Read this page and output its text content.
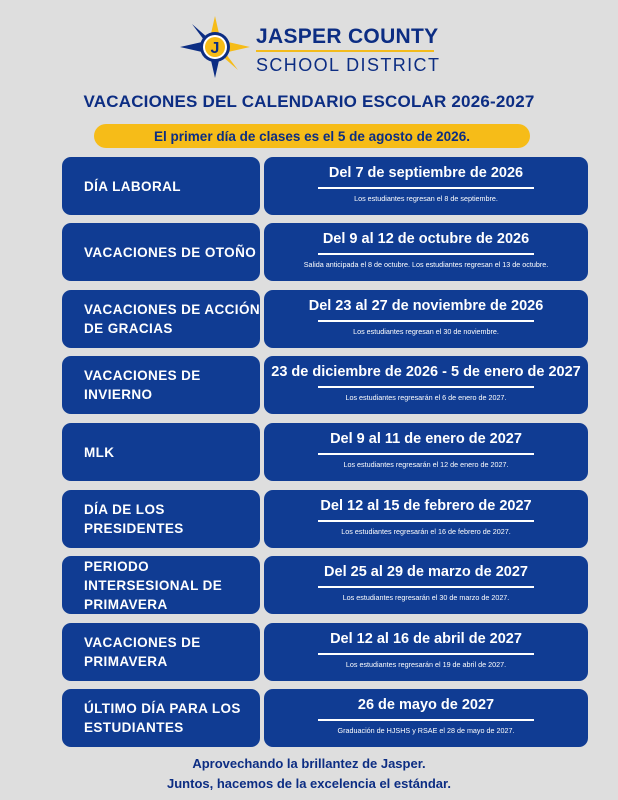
J
JASPER COUNTY
SCHOOL DISTRICT
VACACIONES DEL CALENDARIO ESCOLAR 2026-2027
El primer día de clases es el 5 de agosto de 2026.
DÍA LABORAL
Del 7 de septiembre de 2026
Los estudiantes regresan el 8 de septiembre.
VACACIONES DE OTOÑO
Del 9 al 12 de octubre de 2026
Salida anticipada el 8 de octubre. Los estudiantes regresan el 13 de octubre.
VACACIONES DE ACCIÓN DE GRACIAS
Del 23 al 27 de noviembre de 2026
Los estudiantes regresan el 30 de noviembre.
VACACIONES DE INVIERNO
23 de diciembre de 2026 - 5 de enero de 2027
Los estudiantes regresarán el 6 de enero de 2027.
MLK
Del 9 al 11 de enero de 2027
Los estudiantes regresarán el 12 de enero de 2027.
DÍA DE LOS PRESIDENTES
Del 12 al 15 de febrero de 2027
Los estudiantes regresarán el 16 de febrero de 2027.
PERIODO INTERSESIONAL DE PRIMAVERA
Del 25 al 29 de marzo de 2027
Los estudiantes regresarán el 30 de marzo de 2027.
VACACIONES DE PRIMAVERA
Del 12 al 16 de abril de 2027
Los estudiantes regresarán el 19 de abril de 2027.
ÚLTIMO DÍA PARA LOS ESTUDIANTES
26 de mayo de 2027
Graduación de HJSHS y RSAE el 28 de mayo de 2027.
Aprovechando la brillantez de Jasper.
Juntos, hacemos de la excelencia el estándar.
